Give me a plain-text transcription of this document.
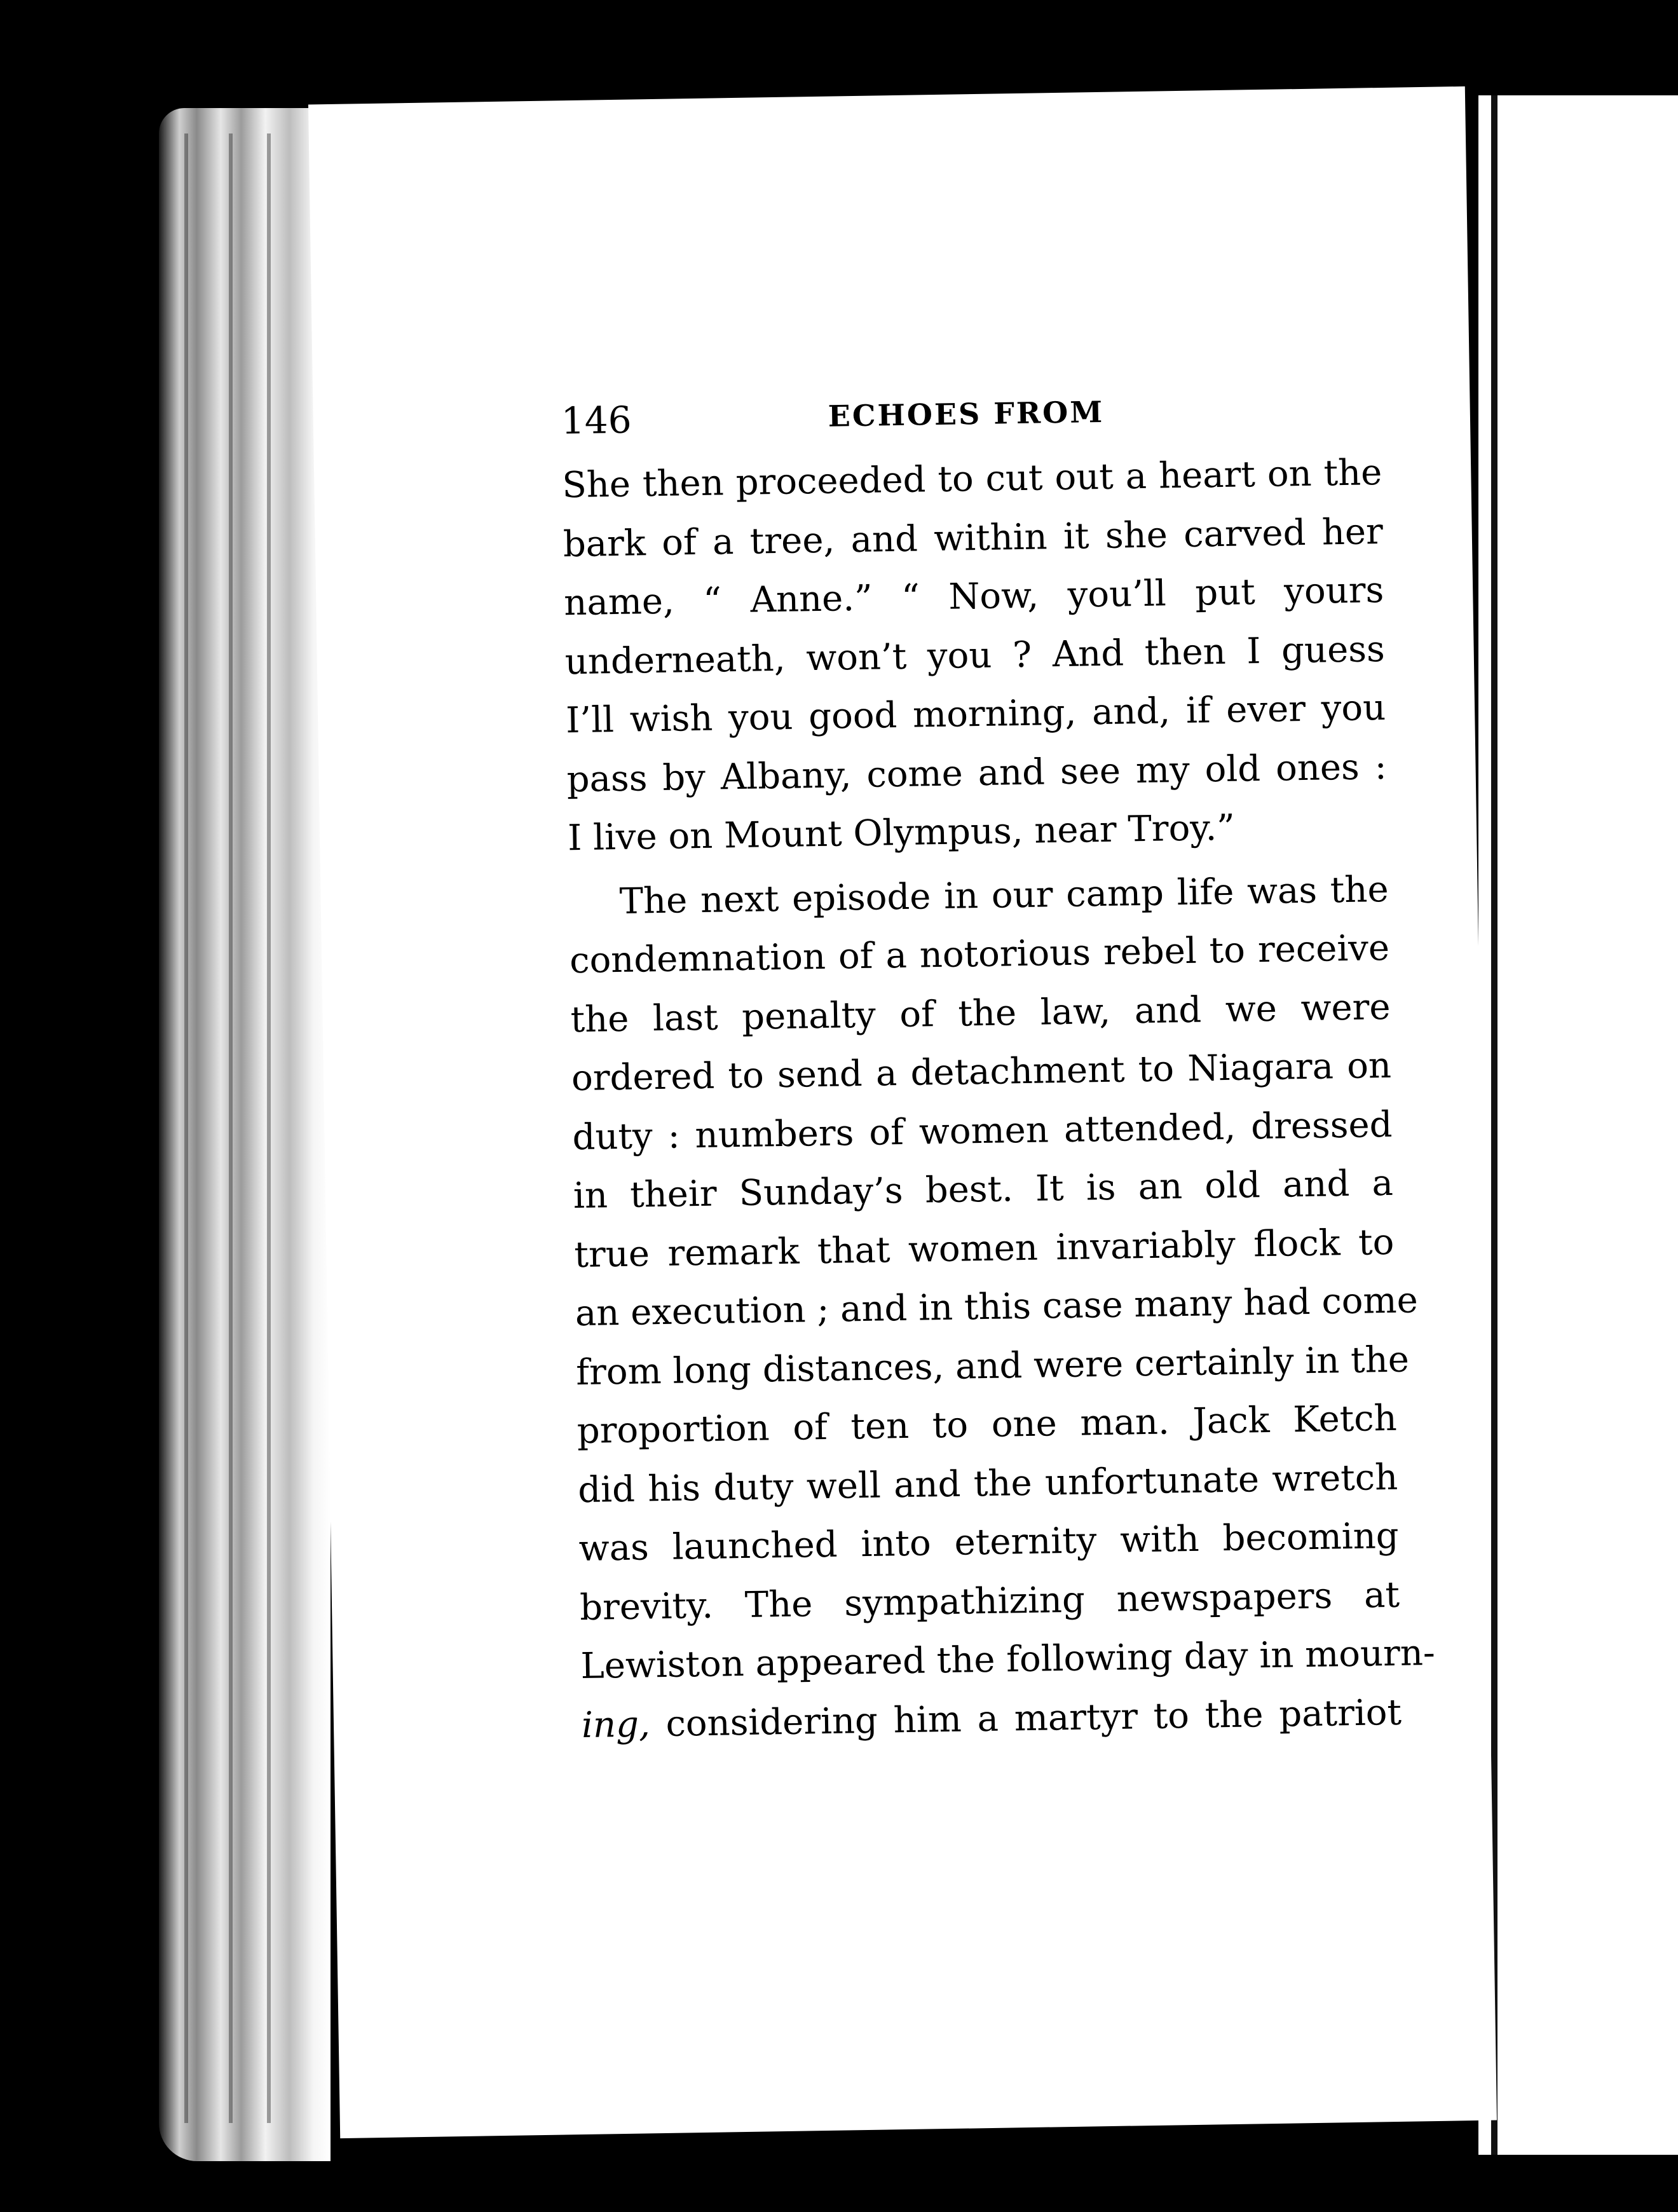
146	ECHOES FROM
She then proceeded to cut out a heart on the
bark of a tree, and within it she carved her
name, “ Anne.” “ Now, you’ll put yours
underneath, won’t you ? And then I guess
I’ll wish you good morning, and, if ever you
pass by Albany, come and see my old ones :
I live on Mount Olympus, near Troy.”
The next episode in our camp life was the
condemnation of a notorious rebel to receive
the last penalty of the law, and we were
ordered to send a detachment to Niagara on
duty : numbers of women attended, dressed
in their Sunday’s best. It is an old and a
true remark that women invariably flock to
an execution ; and in this case many had come
from long distances, and were certainly in the
proportion of ten to one man. Jack Ketch
did his duty well and the unfortunate wretch
was launched into eternity with becoming
brevity. The sympathizing newspapers at
Lewiston appeared the following day in mourn-
ing, considering him a martyr to the patriot
